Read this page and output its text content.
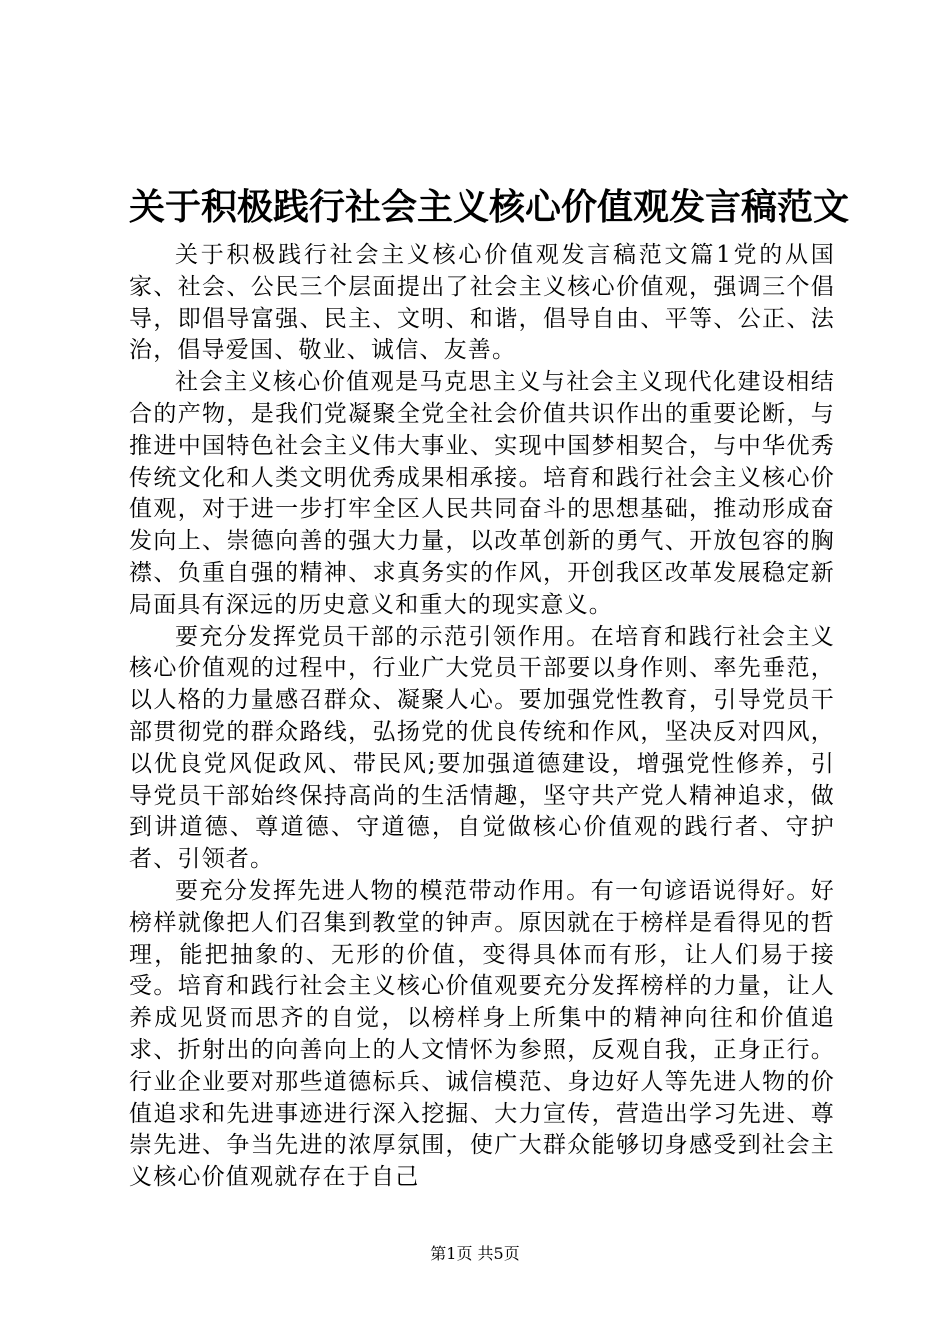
关于积极践行社会主义核心价值观发言稿范文

关于积极践行社会主义核心价值观发言稿范文篇1党的从国家、社会、公民三个层面提出了社会主义核心价值观，强调三个倡导，即倡导富强、民主、文明、和谐，倡导自由、平等、公正、法治，倡导爱国、敬业、诚信、友善。

社会主义核心价值观是马克思主义与社会主义现代化建设相结合的产物，是我们党凝聚全党全社会价值共识作出的重要论断，与推进中国特色社会主义伟大事业、实现中国梦相契合，与中华优秀传统文化和人类文明优秀成果相承接。培育和践行社会主义核心价值观，对于进一步打牢全区人民共同奋斗的思想基础，推动形成奋发向上、崇德向善的强大力量，以改革创新的勇气、开放包容的胸襟、负重自强的精神、求真务实的作风，开创我区改革发展稳定新局面具有深远的历史意义和重大的现实意义。

要充分发挥党员干部的示范引领作用。在培育和践行社会主义核心价值观的过程中，行业广大党员干部要以身作则、率先垂范，以人格的力量感召群众、凝聚人心。要加强党性教育，引导党员干部贯彻党的群众路线，弘扬党的优良传统和作风，坚决反对四风，以优良党风促政风、带民风;要加强道德建设，增强党性修养，引导党员干部始终保持高尚的生活情趣，坚守共产党人精神追求，做到讲道德、尊道德、守道德，自觉做核心价值观的践行者、守护者、引领者。

要充分发挥先进人物的模范带动作用。有一句谚语说得好。好榜样就像把人们召集到教堂的钟声。原因就在于榜样是看得见的哲理，能把抽象的、无形的价值，变得具体而有形，让人们易于接受。培育和践行社会主义核心价值观要充分发挥榜样的力量，让人养成见贤而思齐的自觉，以榜样身上所集中的精神向往和价值追求、折射出的向善向上的人文情怀为参照，反观自我，正身正行。行业企业要对那些道德标兵、诚信模范、身边好人等先进人物的价值追求和先进事迹进行深入挖掘、大力宣传，营造出学习先进、尊崇先进、争当先进的浓厚氛围，使广大群众能够切身感受到社会主义核心价值观就存在于自己

第1页 共5页
